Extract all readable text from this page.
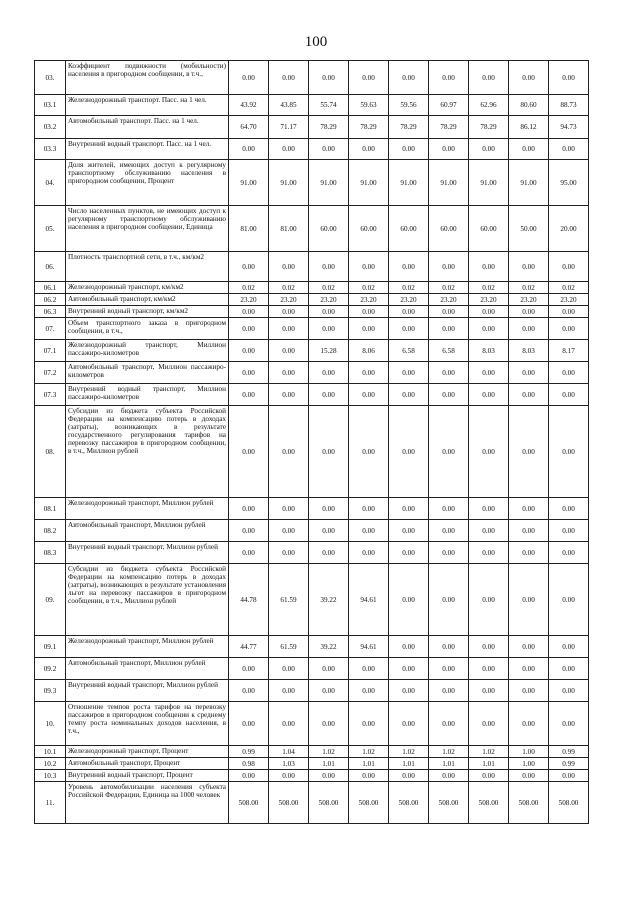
100
03.	Коэффициент подвижности (мобильности) населения в пригородном сообщении, в т.ч.,	0.00	0.00	0.00	0.00	0.00	0.00	0.00	0.00	0.00
03.1	Железнодорожный транспорт. Пасс. на 1 чел.	43.92	43.85	55.74	59.63	59.56	60.97	62.96	80.60	88.73
03.2	Автомобильный транспорт. Пасс. на 1 чел.	64.70	71.17	78.29	78.29	78.29	78.29	78.29	86.12	94.73
03.3	Внутренний водный транспорт. Пасс. на 1 чел.	0.00	0.00	0.00	0.00	0.00	0.00	0.00	0.00	0.00
04.	Доля жителей, имеющих доступ к регулярному транспортному обслуживанию населения в пригородном сообщении, Процент	91.00	91.00	91.00	91.00	91.00	91.00	91.00	91.00	95.00
05.	Число населенных пунктов, не имеющих доступ к регулярному транспортному обслуживанию населения в пригородном сообщении, Единица	81.00	81.00	60.00	60.00	60.00	60.00	60.00	50.00	20.00
06.	Плотность транспортной сети, в т.ч., км/км2	0.00	0.00	0.00	0.00	0.00	0.00	0.00	0.00	0.00
06.1	Железнодорожный транспорт, км/км2	0.02	0.02	0.02	0.02	0.02	0.02	0.02	0.02	0.02
06.2	Автомобильный транспорт, км/км2	23.20	23.20	23.20	23.20	23.20	23.20	23.20	23.20	23.20
06.3	Внутренний водный транспорт, км/км2	0.00	0.00	0.00	0.00	0.00	0.00	0.00	0.00	0.00
07.	Объем транспортного заказа в пригородном сообщении, в т.ч.,	0.00	0.00	0.00	0.00	0.00	0.00	0.00	0.00	0.00
07.1	Железнодорожный транспорт, Миллион пассажиро-километров	0.00	0.00	15.28	8.06	6.58	6.58	8.03	8.03	8.17
07.2	Автомобильный транспорт, Миллион пассажиро-километров	0.00	0.00	0.00	0.00	0.00	0.00	0.00	0.00	0.00
07.3	Внутренний водный транспорт, Миллион пассажиро-километров	0.00	0.00	0.00	0.00	0.00	0.00	0.00	0.00	0.00
08.	Субсидии из бюджета субъекта Российской Федерации на компенсацию потерь в доходах (затраты), возникающих в результате государственного регулирования тарифов на перевозку пассажиров в пригородном сообщении, в т.ч., Миллион рублей	0.00	0.00	0.00	0.00	0.00	0.00	0.00	0.00	0.00
08.1	Железнодорожный транспорт, Миллион рублей	0.00	0.00	0.00	0.00	0.00	0.00	0.00	0.00	0.00
08.2	Автомобильный транспорт, Миллион рублей	0.00	0.00	0.00	0.00	0.00	0.00	0.00	0.00	0.00
08.3	Внутренний водный транспорт, Миллион рублей	0.00	0.00	0.00	0.00	0.00	0.00	0.00	0.00	0.00
09.	Субсидии из бюджета субъекта Российской Федерации на компенсацию потерь в доходах (затраты), возникающих в результате установления льгот на перевозку пассажиров в пригородном сообщении, в т.ч., Миллион рублей	44.78	61.59	39.22	94.61	0.00	0.00	0.00	0.00	0.00
09.1	Железнодорожный транспорт, Миллион рублей	44.77	61.59	39.22	94.61	0.00	0.00	0.00	0.00	0.00
09.2	Автомобильный транспорт, Миллион рублей	0.00	0.00	0.00	0.00	0.00	0.00	0.00	0.00	0.00
09.3	Внутренний водный транспорт, Миллион рублей	0.00	0.00	0.00	0.00	0.00	0.00	0.00	0.00	0.00
10.	Отношение темпов роста тарифов на перевозку пассажиров в пригородном сообщении к среднему темпу роста номинальных доходов населения, в т.ч.,	0.00	0.00	0.00	0.00	0.00	0.00	0.00	0.00	0.00
10.1	Железнодорожный транспорт, Процент	0.99	1.04	1.02	1.02	1.02	1.02	1.02	1.00	0.99
10.2	Автомобильный транспорт, Процент	0.98	1.03	1.01	1.01	1.01	1.01	1.01	1.00	0.99
10.3	Внутренний водный транспорт, Процент	0.00	0.00	0.00	0.00	0.00	0.00	0.00	0.00	0.00
11.	Уровень автомобилизации населения субъекта Российской Федерации, Единица на 1000 человек	508.00	508.00	508.00	508.00	508.00	508.00	508.00	508.00	508.00
